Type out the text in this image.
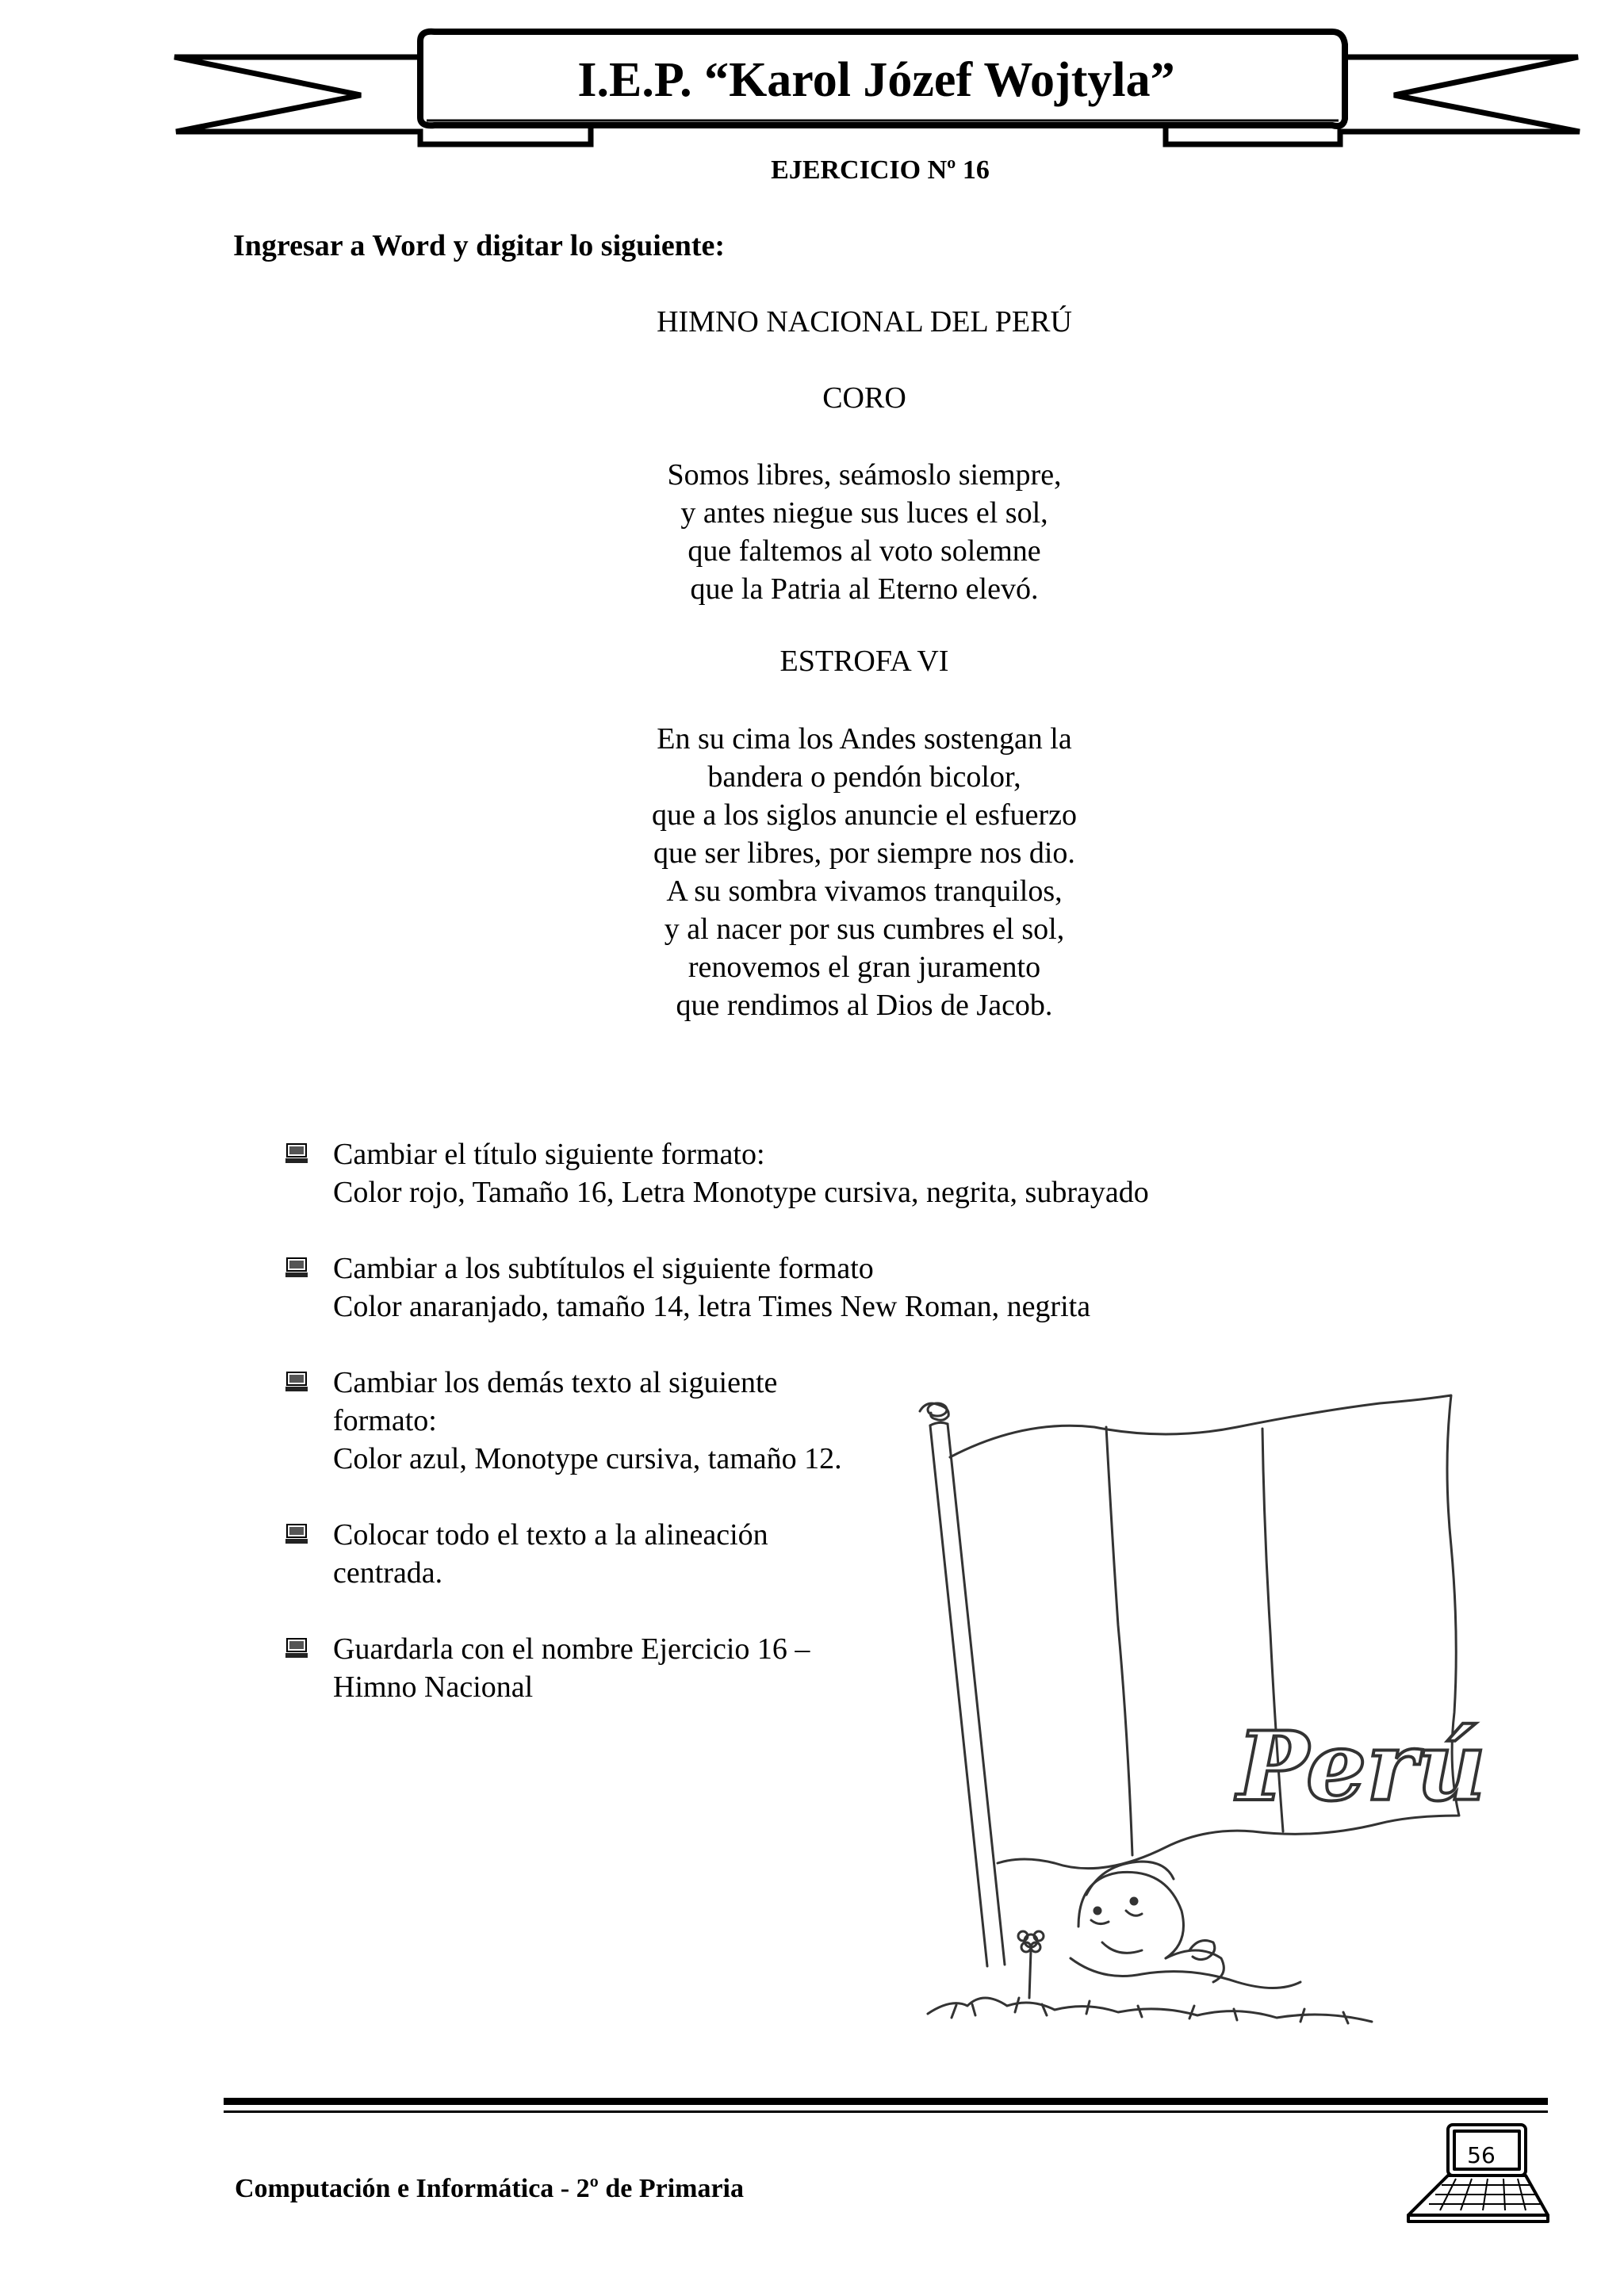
I.E.P. “Karol Józef Wojtyla”
EJERCICIO Nº 16
Ingresar a Word y digitar lo siguiente:
HIMNO NACIONAL DEL PERÚ
CORO
Somos libres, seámoslo siempre,
y antes niegue sus luces el sol,
que faltemos al voto solemne
que la Patria al Eterno elevó.
ESTROFA VI
En su cima los Andes sostengan la
bandera o pendón bicolor,
que a los siglos anuncie el esfuerzo
que ser libres, por siempre nos dio.
A su sombra vivamos tranquilos,
y al nacer por sus cumbres el sol,
renovemos el gran juramento
que rendimos al Dios de Jacob.
Cambiar el título siguiente formato:
Color rojo, Tamaño 16, Letra Monotype cursiva, negrita, subrayado
Cambiar a los subtítulos el siguiente formato
Color anaranjado, tamaño 14, letra Times New Roman, negrita
Cambiar los demás texto al siguiente
formato:
Color azul, Monotype cursiva, tamaño 12.
Colocar todo el texto a la alineación
centrada.
Guardarla con el nombre Ejercicio 16 –
Himno Nacional
Perú
Computación e Informática - 2º de Primaria
56
